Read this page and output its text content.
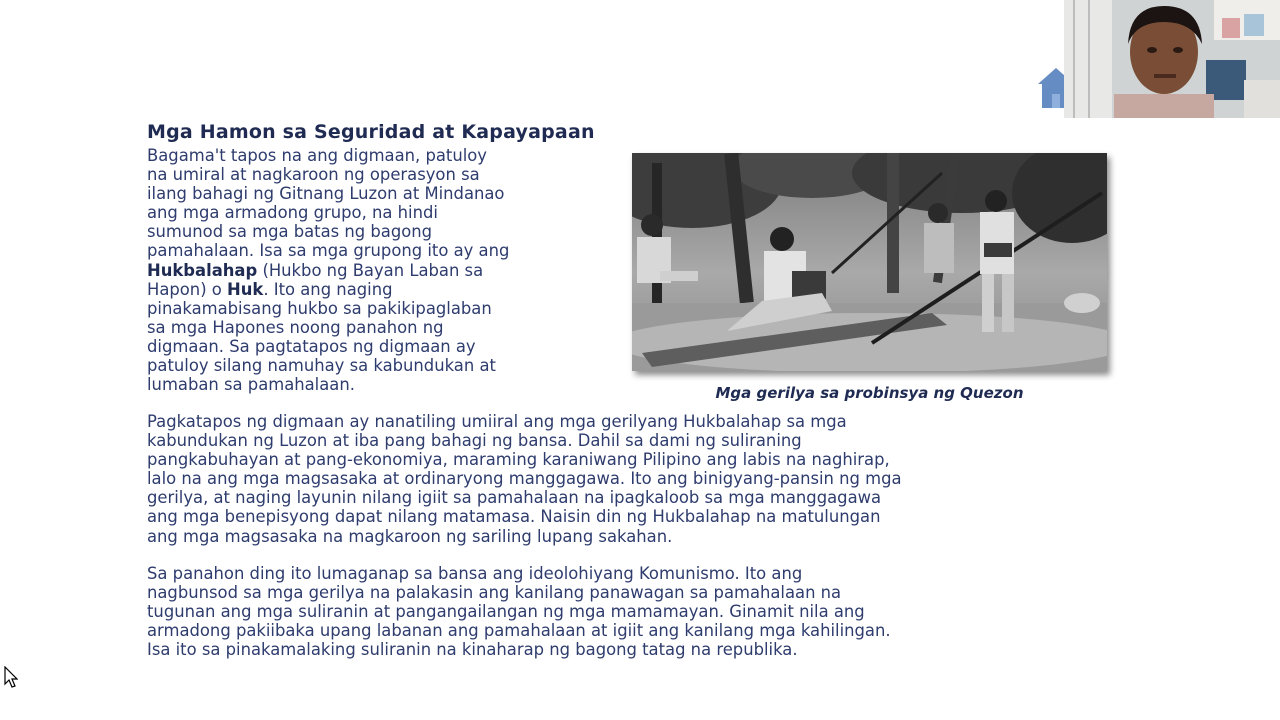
Mga Hamon sa Seguridad at Kapayapaan
Bagama't tapos na ang digmaan, patuloy
na umiral at nagkaroon ng operasyon sa
ilang bahagi ng Gitnang Luzon at Mindanao
ang mga armadong grupo, na hindi
sumunod sa mga batas ng bagong
pamahalaan. Isa sa mga grupong ito ay ang
Hukbalahap (Hukbo ng Bayan Laban sa
Hapon) o Huk. Ito ang naging
pinakamabisang hukbo sa pakikipaglaban
sa mga Hapones noong panahon ng
digmaan. Sa pagtatapos ng digmaan ay
patuloy silang namuhay sa kabundukan at
lumaban sa pamahalaan.	Mga gerilya sa probinsya ng Quezon
Pagkatapos ng digmaan ay nanatiling umiiral ang mga gerilyang Hukbalahap sa mga
kabundukan ng Luzon at iba pang bahagi ng bansa. Dahil sa dami ng suliraning
pangkabuhayan at pang-ekonomiya, maraming karaniwang Pilipino ang labis na naghirap,
lalo na ang mga magsasaka at ordinaryong manggagawa. Ito ang binigyang-pansin ng mga
gerilya, at naging layunin nilang igiit sa pamahalaan na ipagkaloob sa mga manggagawa
ang mga benepisyong dapat nilang matamasa. Naisin din ng Hukbalahap na matulungan
ang mga magsasaka na magkaroon ng sariling lupang sakahan.
Sa panahon ding ito lumaganap sa bansa ang ideolohiyang Komunismo. Ito ang
nagbunsod sa mga gerilya na palakasin ang kanilang panawagan sa pamahalaan na
tugunan ang mga suliranin at pangangailangan ng mga mamamayan. Ginamit nila ang
armadong pakiibaka upang labanan ang pamahalaan at igiit ang kanilang mga kahilingan.
Isa ito sa pinakamalaking suliranin na kinaharap ng bagong tatag na republika.
